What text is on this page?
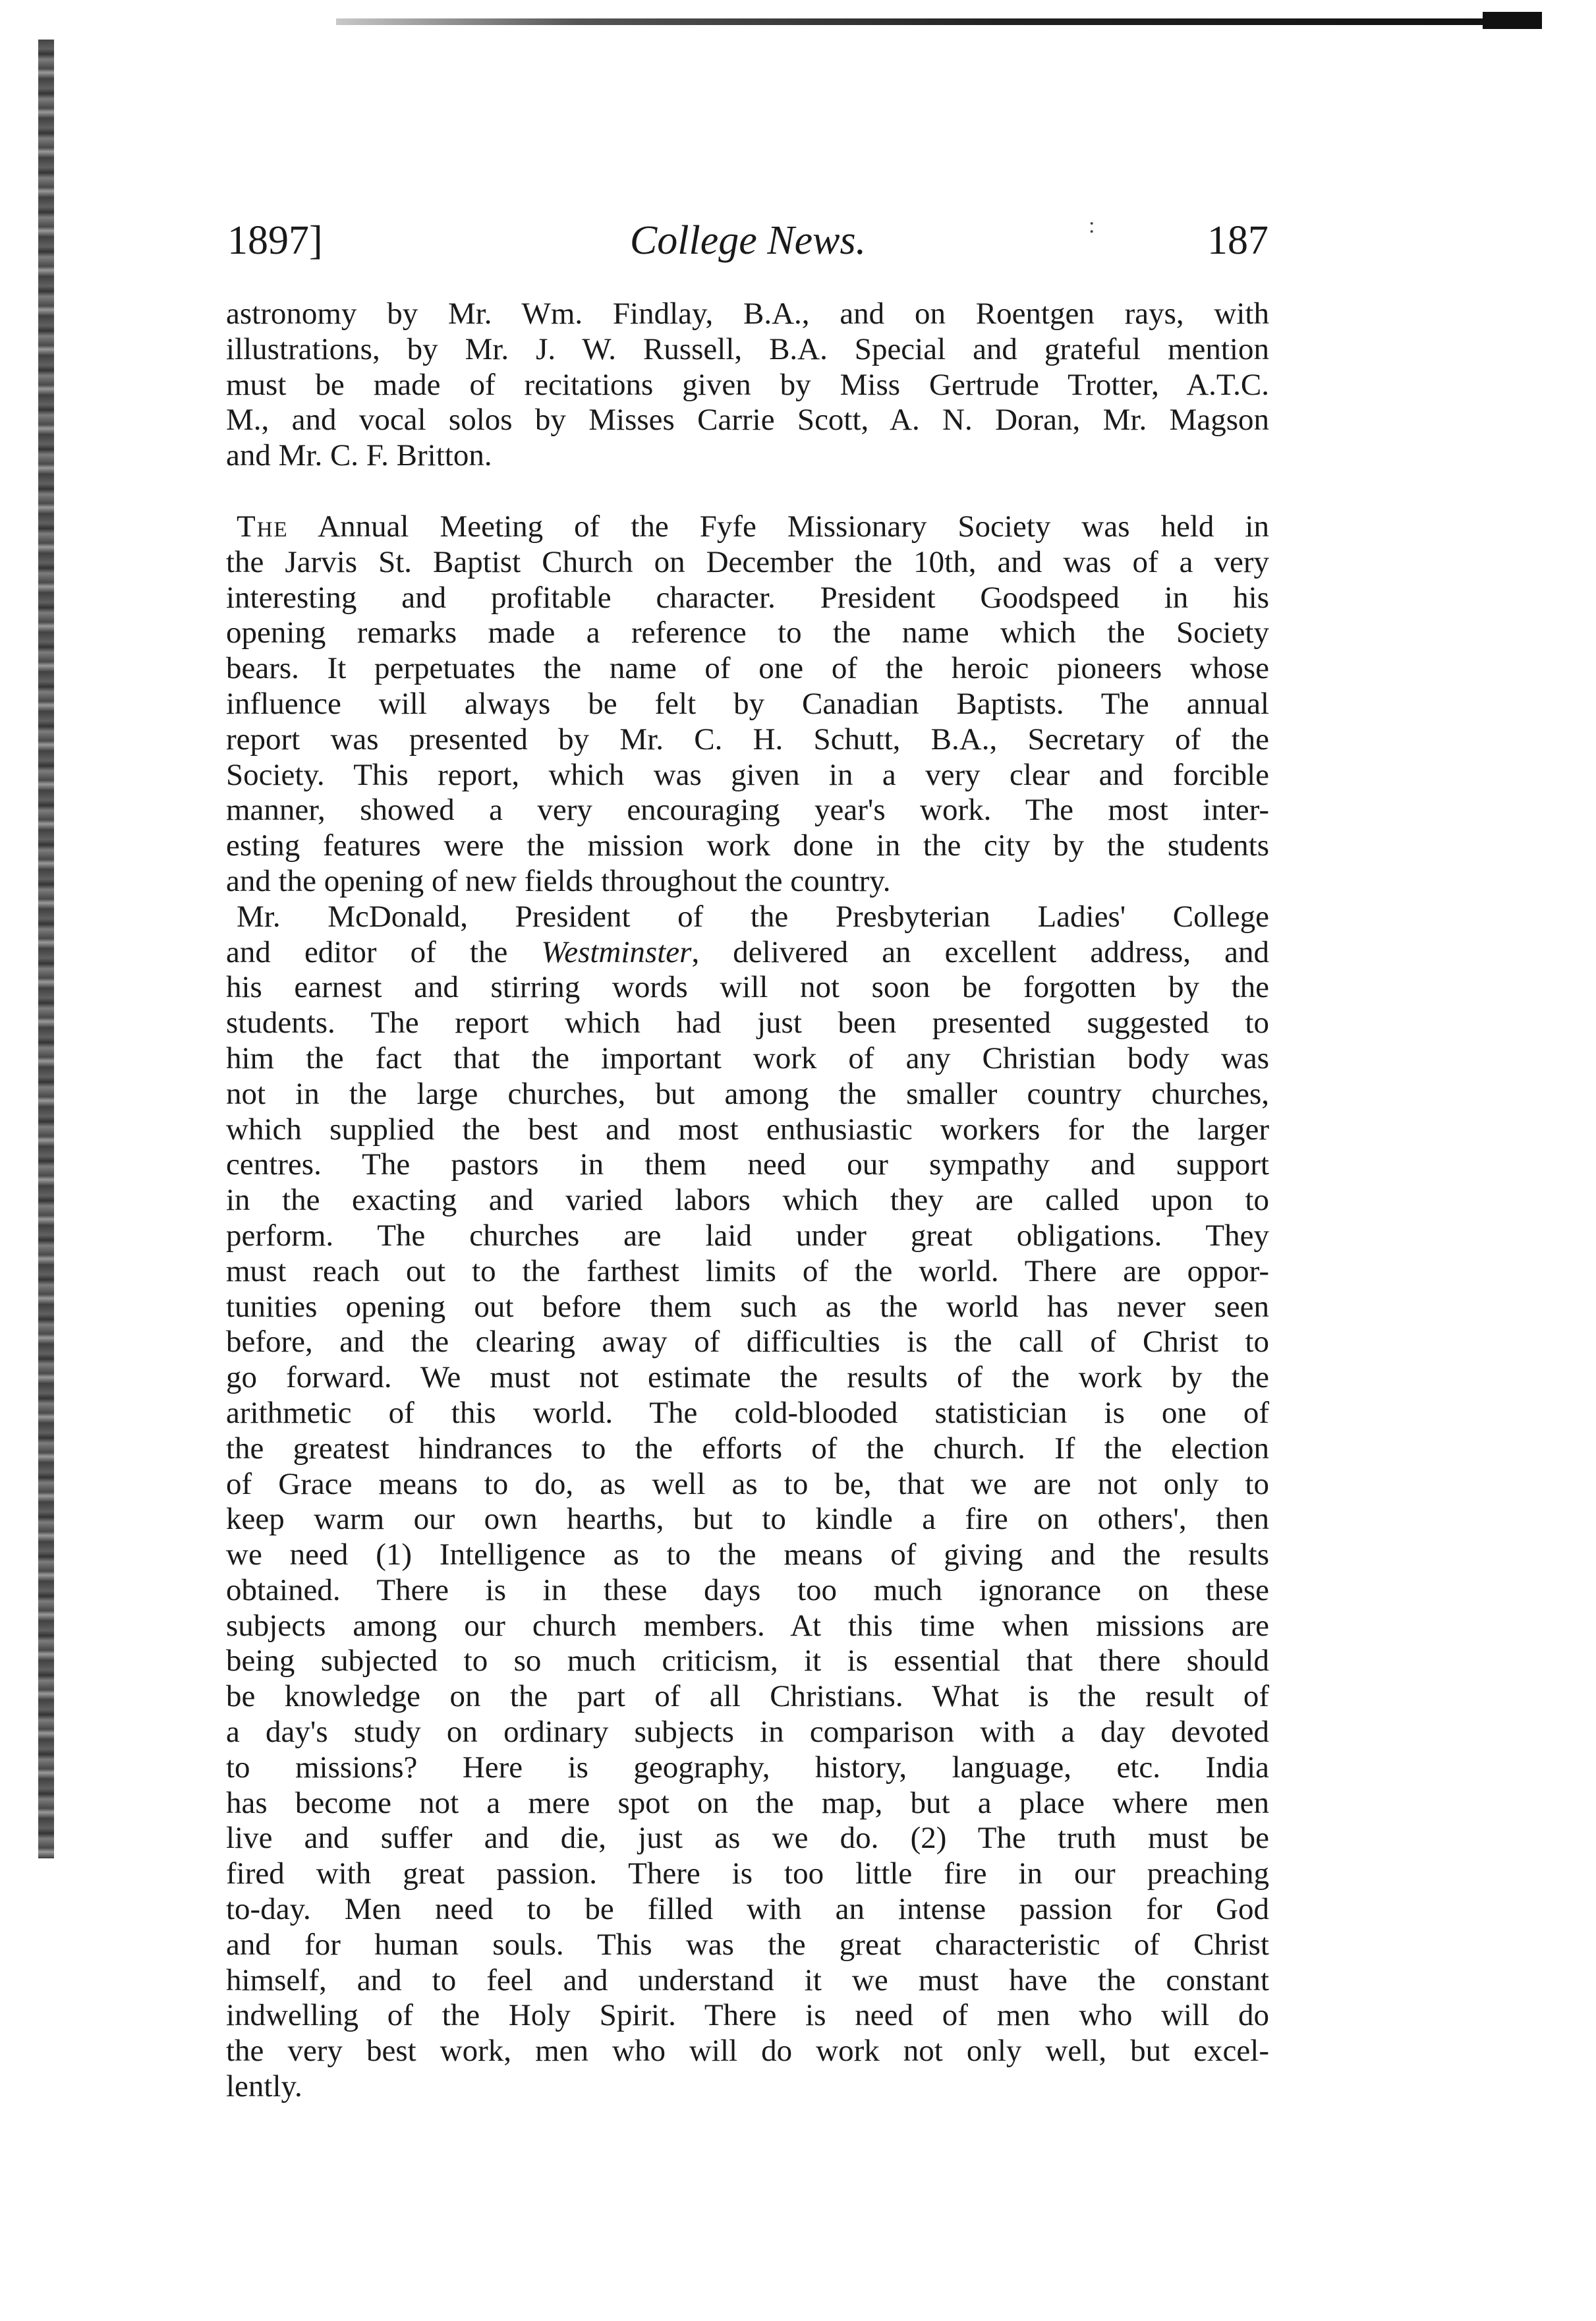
1897]	College News.	187
:
astronomy by Mr. Wm. Findlay, B.A., and on Roentgen rays, with
illustrations, by Mr. J. W. Russell, B.A. Special and grateful mention
must be made of recitations given by Miss Gertrude Trotter, A.T.C.
M., and vocal solos by Misses Carrie Scott, A. N. Doran, Mr. Magson
and Mr. C. F. Britton.
The Annual Meeting of the Fyfe Missionary Society was held in
the Jarvis St. Baptist Church on December the 10th, and was of a very
interesting and profitable character. President Goodspeed in his
opening remarks made a reference to the name which the Society
bears. It perpetuates the name of one of the heroic pioneers whose
influence will always be felt by Canadian Baptists. The annual
report was presented by Mr. C. H. Schutt, B.A., Secretary of the
Society. This report, which was given in a very clear and forcible
manner, showed a very encouraging year's work. The most inter-
esting features were the mission work done in the city by the students
and the opening of new fields throughout the country.
Mr. McDonald, President of the Presbyterian Ladies' College
and editor of the Westminster, delivered an excellent address, and
his earnest and stirring words will not soon be forgotten by the
students. The report which had just been presented suggested to
him the fact that the important work of any Christian body was
not in the large churches, but among the smaller country churches,
which supplied the best and most enthusiastic workers for the larger
centres. The pastors in them need our sympathy and support
in the exacting and varied labors which they are called upon to
perform. The churches are laid under great obligations. They
must reach out to the farthest limits of the world. There are oppor-
tunities opening out before them such as the world has never seen
before, and the clearing away of difficulties is the call of Christ to
go forward. We must not estimate the results of the work by the
arithmetic of this world. The cold-blooded statistician is one of
the greatest hindrances to the efforts of the church. If the election
of Grace means to do, as well as to be, that we are not only to
keep warm our own hearths, but to kindle a fire on others', then
we need (1) Intelligence as to the means of giving and the results
obtained. There is in these days too much ignorance on these
subjects among our church members. At this time when missions are
being subjected to so much criticism, it is essential that there should
be knowledge on the part of all Christians. What is the result of
a day's study on ordinary subjects in comparison with a day devoted
to missions? Here is geography, history, language, etc. India
has become not a mere spot on the map, but a place where men
live and suffer and die, just as we do. (2) The truth must be
fired with great passion. There is too little fire in our preaching
to-day. Men need to be filled with an intense passion for God
and for human souls. This was the great characteristic of Christ
himself, and to feel and understand it we must have the constant
indwelling of the Holy Spirit. There is need of men who will do
the very best work, men who will do work not only well, but excel-
lently.
